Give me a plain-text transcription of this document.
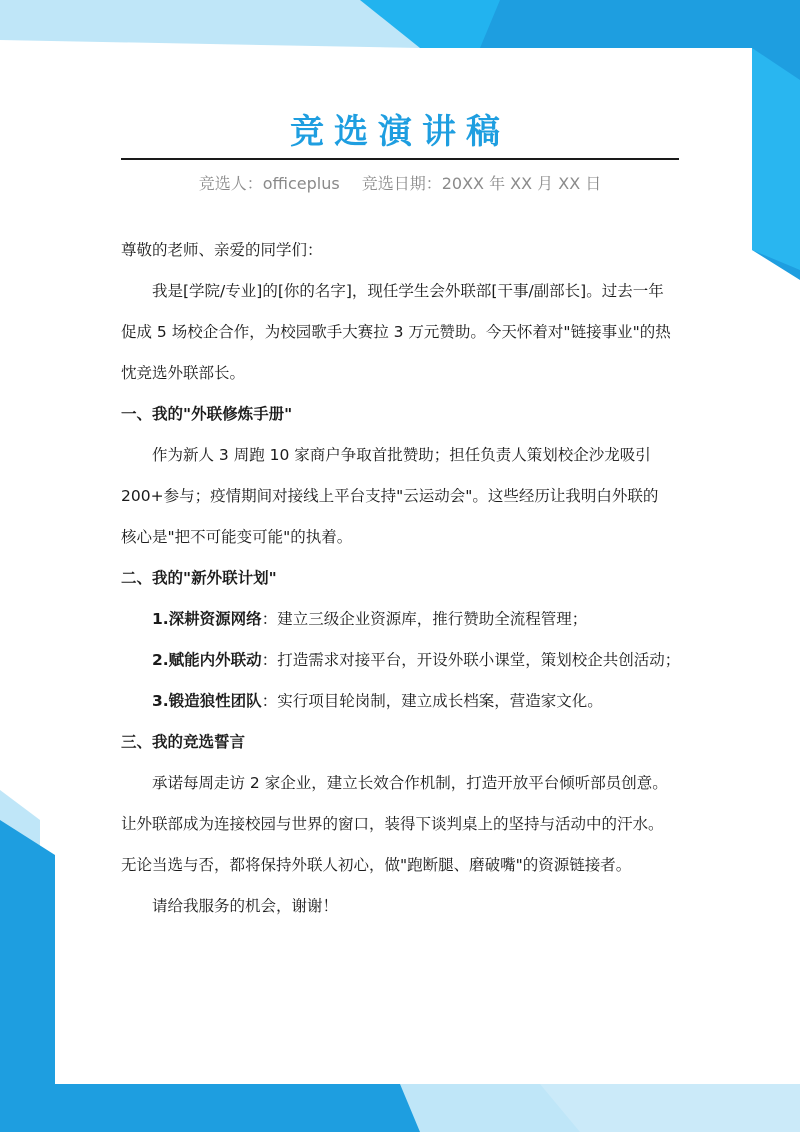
竞选演讲稿
竞选人：officeplus 竞选日期：20XX 年 XX 月 XX 日
尊敬的老师、亲爱的同学们：
我是[学院/专业]的[你的名字]，现任学生会外联部[干事/副部长]。过去一年
促成 5 场校企合作，为校园歌手大赛拉 3 万元赞助。今天怀着对"链接事业"的热
忱竞选外联部长。
一、我的"外联修炼手册"
作为新人 3 周跑 10 家商户争取首批赞助；担任负责人策划校企沙龙吸引
200+参与；疫情期间对接线上平台支持"云运动会"。这些经历让我明白外联的
核心是"把不可能变可能"的执着。
二、我的"新外联计划"
1.深耕资源网络：建立三级企业资源库，推行赞助全流程管理；
2.赋能内外联动：打造需求对接平台，开设外联小课堂，策划校企共创活动；
3.锻造狼性团队：实行项目轮岗制，建立成长档案，营造家文化。
三、我的竞选誓言
承诺每周走访 2 家企业，建立长效合作机制，打造开放平台倾听部员创意。
让外联部成为连接校园与世界的窗口，装得下谈判桌上的坚持与活动中的汗水。
无论当选与否，都将保持外联人初心，做"跑断腿、磨破嘴"的资源链接者。
请给我服务的机会，谢谢！
